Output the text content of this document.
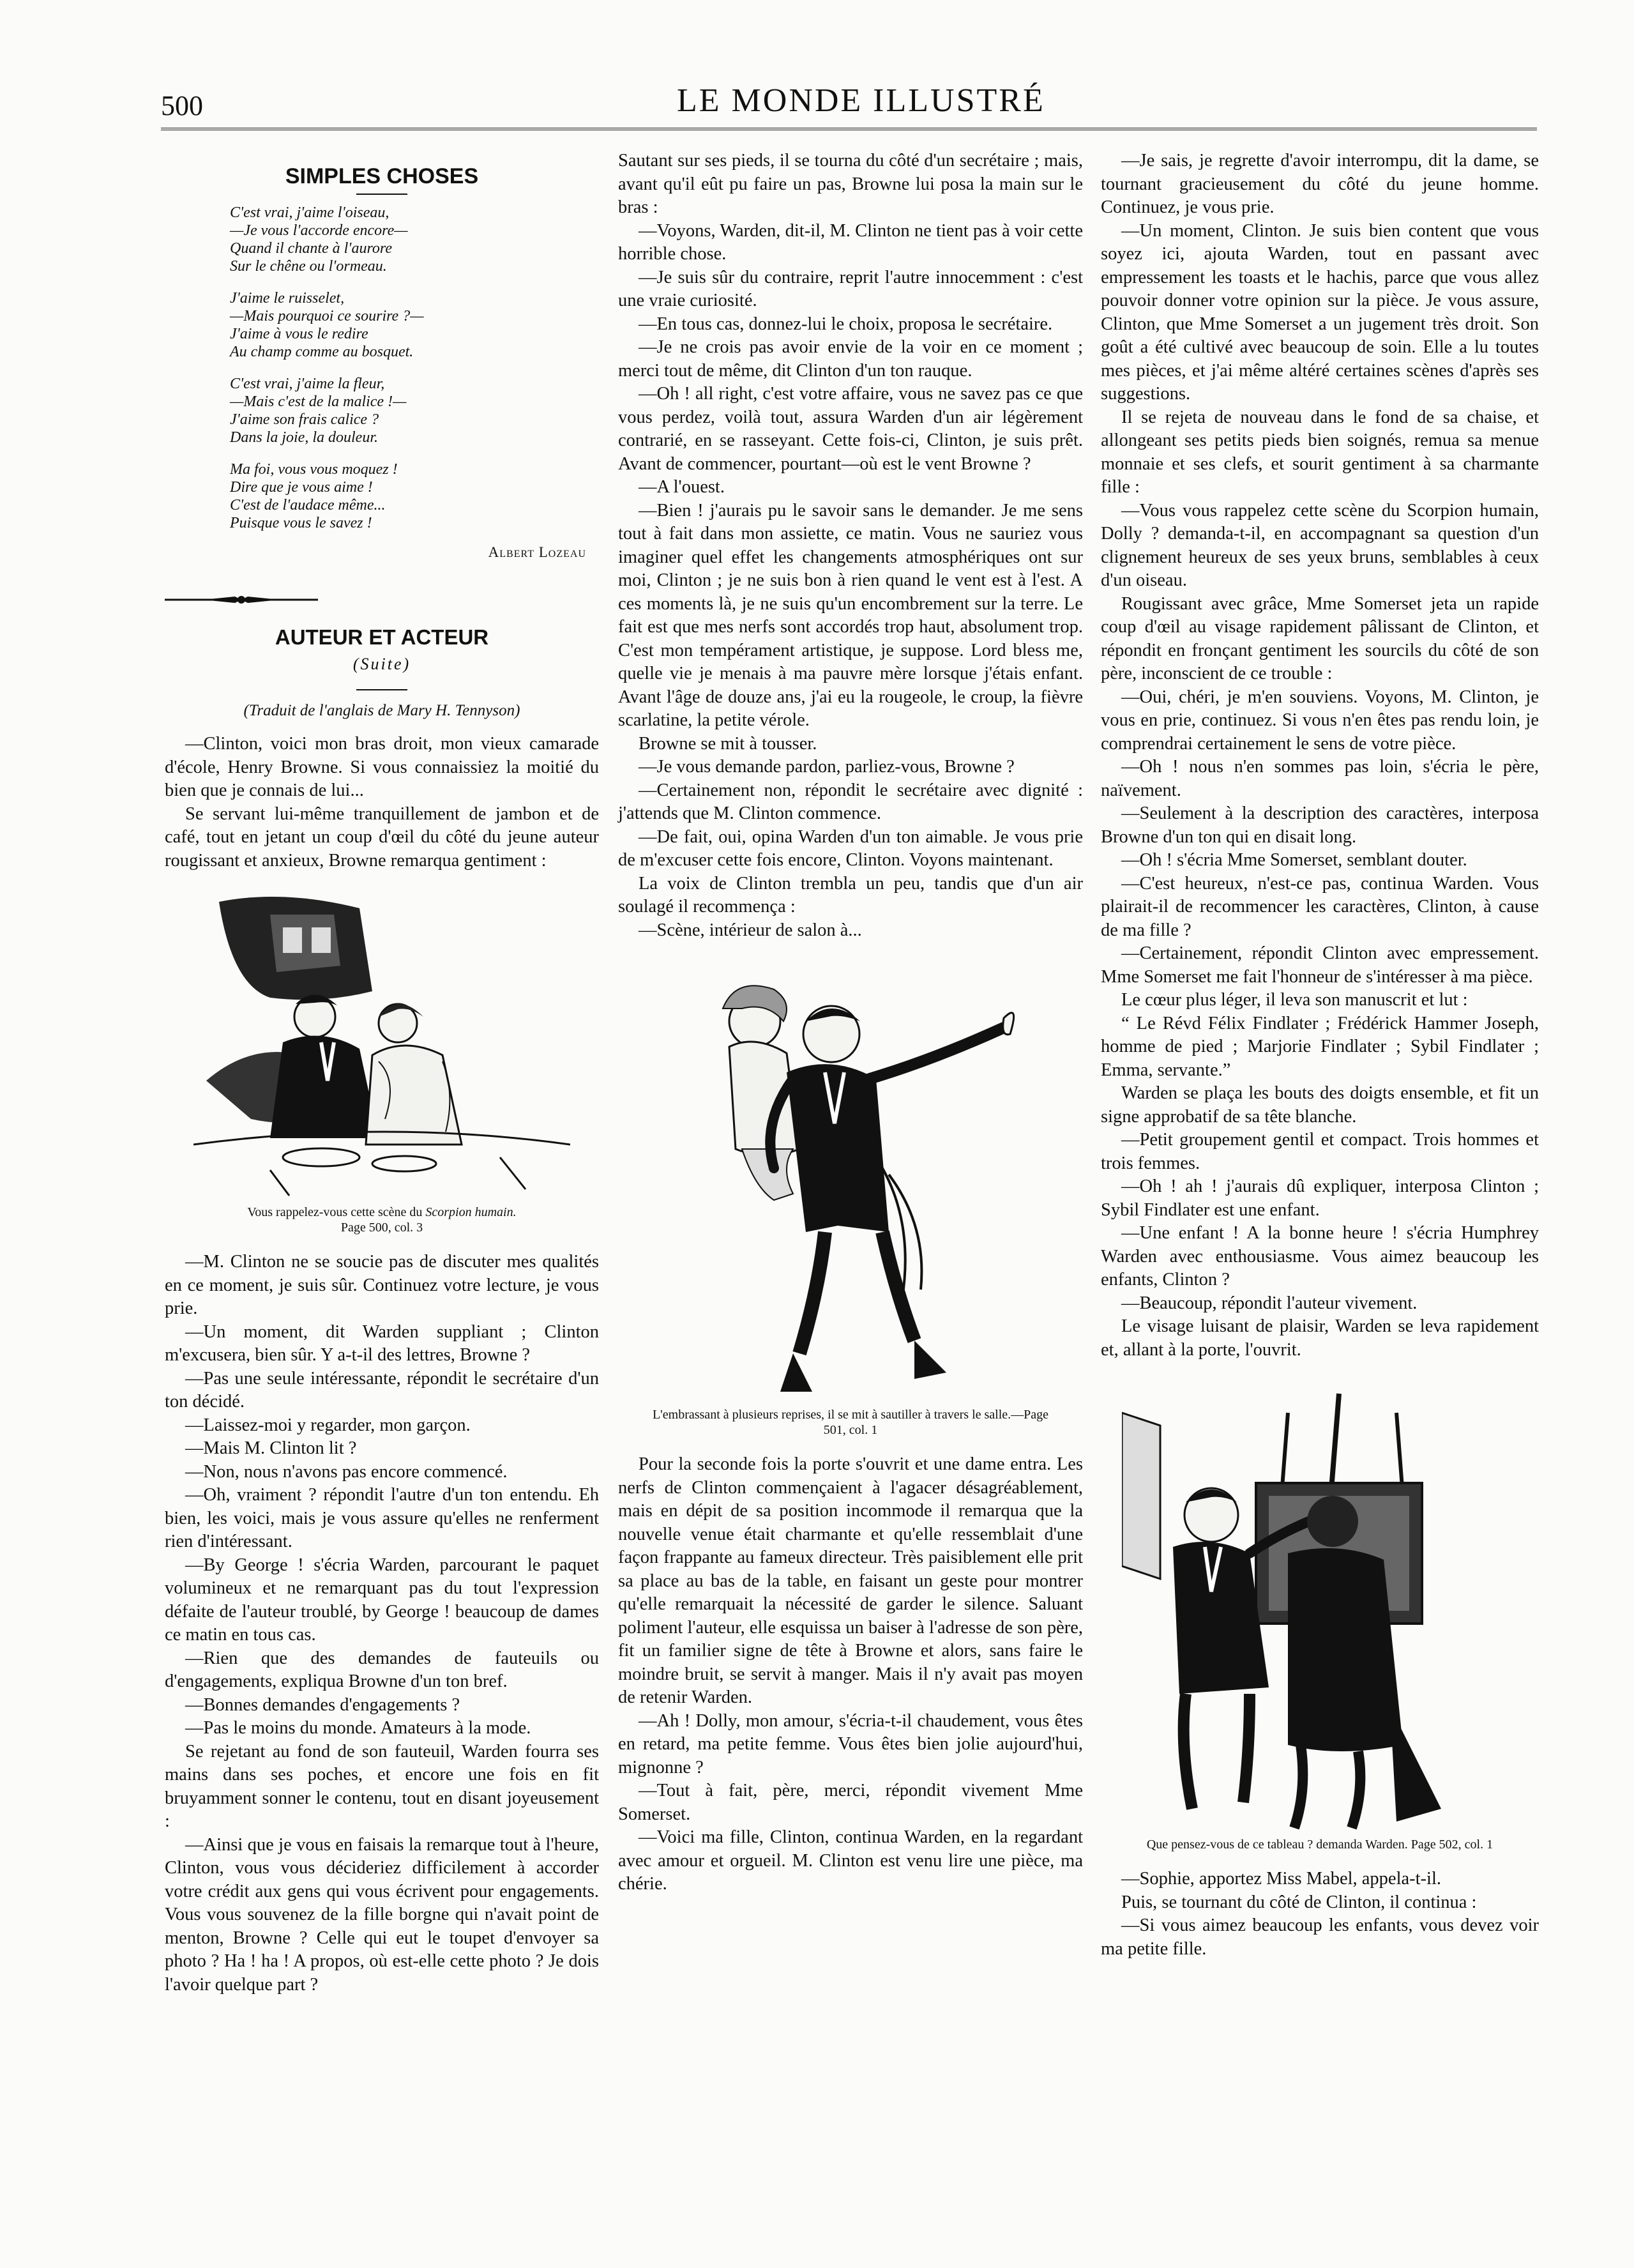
500	LE MONDE ILLUSTRÉ
SIMPLES CHOSES
C'est vrai, j'aime l'oiseau,
—Je vous l'accorde encore—
Quand il chante à l'aurore
Sur le chêne ou l'ormeau.
J'aime le ruisselet,
—Mais pourquoi ce sourire ?—
J'aime à vous le redire
Au champ comme au bosquet.
C'est vrai, j'aime la fleur,
—Mais c'est de la malice !—
J'aime son frais calice ?
Dans la joie, la douleur.
Ma foi, vous vous moquez !
Dire que je vous aime !
C'est de l'audace même...
Puisque vous le savez !
Albert Lozeau
AUTEUR ET ACTEUR
(Suite)
(Traduit de l'anglais de Mary H. Tennyson)

—Clinton, voici mon bras droit, mon vieux camarade d'école, Henry Browne. Si vous connaissiez la moitié du bien que je connais de lui...

Se servant lui-même tranquillement de jambon et de café, tout en jetant un coup d'œil du côté du jeune auteur rougissant et anxieux, Browne remarqua gentiment :

Vous rappelez-vous cette scène du Scorpion humain.
Page 500, col. 3

—M. Clinton ne se soucie pas de discuter mes qualités en ce moment, je suis sûr. Continuez votre lecture, je vous prie.

—Un moment, dit Warden suppliant ; Clinton m'excusera, bien sûr. Y a-t-il des lettres, Browne ?

—Pas une seule intéressante, répondit le secrétaire d'un ton décidé.

—Laissez-moi y regarder, mon garçon.

—Mais M. Clinton lit ?

—Non, nous n'avons pas encore commencé.

—Oh, vraiment ? répondit l'autre d'un ton entendu. Eh bien, les voici, mais je vous assure qu'elles ne renferment rien d'intéressant.

—By George ! s'écria Warden, parcourant le paquet volumineux et ne remarquant pas du tout l'expression défaite de l'auteur troublé, by George ! beaucoup de dames ce matin en tous cas.

—Rien que des demandes de fauteuils ou d'engagements, expliqua Browne d'un ton bref.

—Bonnes demandes d'engagements ?

—Pas le moins du monde. Amateurs à la mode.

Se rejetant au fond de son fauteuil, Warden fourra ses mains dans ses poches, et encore une fois en fit bruyamment sonner le contenu, tout en disant joyeusement :

—Ainsi que je vous en faisais la remarque tout à l'heure, Clinton, vous vous décideriez difficilement à accorder votre crédit aux gens qui vous écrivent pour engagements. Vous vous souvenez de la fille borgne qui n'avait point de menton, Browne ? Celle qui eut le toupet d'envoyer sa photo ? Ha ! ha ! A propos, où est-elle cette photo ? Je dois l'avoir quelque part ?

Sautant sur ses pieds, il se tourna du côté d'un secrétaire ; mais, avant qu'il eût pu faire un pas, Browne lui posa la main sur le bras :

—Voyons, Warden, dit-il, M. Clinton ne tient pas à voir cette horrible chose.

—Je suis sûr du contraire, reprit l'autre innocemment : c'est une vraie curiosité.

—En tous cas, donnez-lui le choix, proposa le secrétaire.

—Je ne crois pas avoir envie de la voir en ce moment ; merci tout de même, dit Clinton d'un ton rauque.

—Oh ! all right, c'est votre affaire, vous ne savez pas ce que vous perdez, voilà tout, assura Warden d'un air légèrement contrarié, en se rasseyant. Cette fois-ci, Clinton, je suis prêt. Avant de commencer, pourtant—où est le vent Browne ?

—A l'ouest.

—Bien ! j'aurais pu le savoir sans le demander. Je me sens tout à fait dans mon assiette, ce matin. Vous ne sauriez vous imaginer quel effet les changements atmosphériques ont sur moi, Clinton ; je ne suis bon à rien quand le vent est à l'est. A ces moments là, je ne suis qu'un encombrement sur la terre. Le fait est que mes nerfs sont accordés trop haut, absolument trop. C'est mon tempérament artistique, je suppose. Lord bless me, quelle vie je menais à ma pauvre mère lorsque j'étais enfant. Avant l'âge de douze ans, j'ai eu la rougeole, le croup, la fièvre scarlatine, la petite vérole.

Browne se mit à tousser.

—Je vous demande pardon, parliez-vous, Browne ?

—Certainement non, répondit le secrétaire avec dignité : j'attends que M. Clinton commence.

—De fait, oui, opina Warden d'un ton aimable. Je vous prie de m'excuser cette fois encore, Clinton. Voyons maintenant.

La voix de Clinton trembla un peu, tandis que d'un air soulagé il recommença :

—Scène, intérieur de salon à...

L'embrassant à plusieurs reprises, il se mit à sautiller à travers le salle.—Page 501, col. 1

Pour la seconde fois la porte s'ouvrit et une dame entra. Les nerfs de Clinton commençaient à l'agacer désagréablement, mais en dépit de sa position incommode il remarqua que la nouvelle venue était charmante et qu'elle ressemblait d'une façon frappante au fameux directeur. Très paisiblement elle prit sa place au bas de la table, en faisant un geste pour montrer qu'elle remarquait la nécessité de garder le silence. Saluant poliment l'auteur, elle esquissa un baiser à l'adresse de son père, fit un familier signe de tête à Browne et alors, sans faire le moindre bruit, se servit à manger. Mais il n'y avait pas moyen de retenir Warden.

—Ah ! Dolly, mon amour, s'écria-t-il chaudement, vous êtes en retard, ma petite femme. Vous êtes bien jolie aujourd'hui, mignonne ?

—Tout à fait, père, merci, répondit vivement Mme Somerset.

—Voici ma fille, Clinton, continua Warden, en la regardant avec amour et orgueil. M. Clinton est venu lire une pièce, ma chérie.

—Je sais, je regrette d'avoir interrompu, dit la dame, se tournant gracieusement du côté du jeune homme. Continuez, je vous prie.

—Un moment, Clinton. Je suis bien content que vous soyez ici, ajouta Warden, tout en passant avec empressement les toasts et le hachis, parce que vous allez pouvoir donner votre opinion sur la pièce. Je vous assure, Clinton, que Mme Somerset a un jugement très droit. Son goût a été cultivé avec beaucoup de soin. Elle a lu toutes mes pièces, et j'ai même altéré certaines scènes d'après ses suggestions.

Il se rejeta de nouveau dans le fond de sa chaise, et allongeant ses petits pieds bien soignés, remua sa menue monnaie et ses clefs, et sourit gentiment à sa charmante fille :

—Vous vous rappelez cette scène du Scorpion humain, Dolly ? demanda-t-il, en accompagnant sa question d'un clignement heureux de ses yeux bruns, semblables à ceux d'un oiseau.

Rougissant avec grâce, Mme Somerset jeta un rapide coup d'œil au visage rapidement pâlissant de Clinton, et répondit en fronçant gentiment les sourcils du côté de son père, inconscient de ce trouble :

—Oui, chéri, je m'en souviens. Voyons, M. Clinton, je vous en prie, continuez. Si vous n'en êtes pas rendu loin, je comprendrai certainement le sens de votre pièce.

—Oh ! nous n'en sommes pas loin, s'écria le père, naïvement.

—Seulement à la description des caractères, interposa Browne d'un ton qui en disait long.

—Oh ! s'écria Mme Somerset, semblant douter.

—C'est heureux, n'est-ce pas, continua Warden. Vous plairait-il de recommencer les caractères, Clinton, à cause de ma fille ?

—Certainement, répondit Clinton avec empressement. Mme Somerset me fait l'honneur de s'intéresser à ma pièce.

Le cœur plus léger, il leva son manuscrit et lut :

“ Le Révd Félix Findlater ; Frédérick Hammer Joseph, homme de pied ; Marjorie Findlater ; Sybil Findlater ; Emma, servante.”

Warden se plaça les bouts des doigts ensemble, et fit un signe approbatif de sa tête blanche.

—Petit groupement gentil et compact. Trois hommes et trois femmes.

—Oh ! ah ! j'aurais dû expliquer, interposa Clinton ; Sybil Findlater est une enfant.

—Une enfant ! A la bonne heure ! s'écria Humphrey Warden avec enthousiasme. Vous aimez beaucoup les enfants, Clinton ?

—Beaucoup, répondit l'auteur vivement.

Le visage luisant de plaisir, Warden se leva rapidement et, allant à la porte, l'ouvrit.

Que pensez-vous de ce tableau ? demanda Warden. Page 502, col. 1

—Sophie, apportez Miss Mabel, appela-t-il.

Puis, se tournant du côté de Clinton, il continua :

—Si vous aimez beaucoup les enfants, vous devez voir ma petite fille.
